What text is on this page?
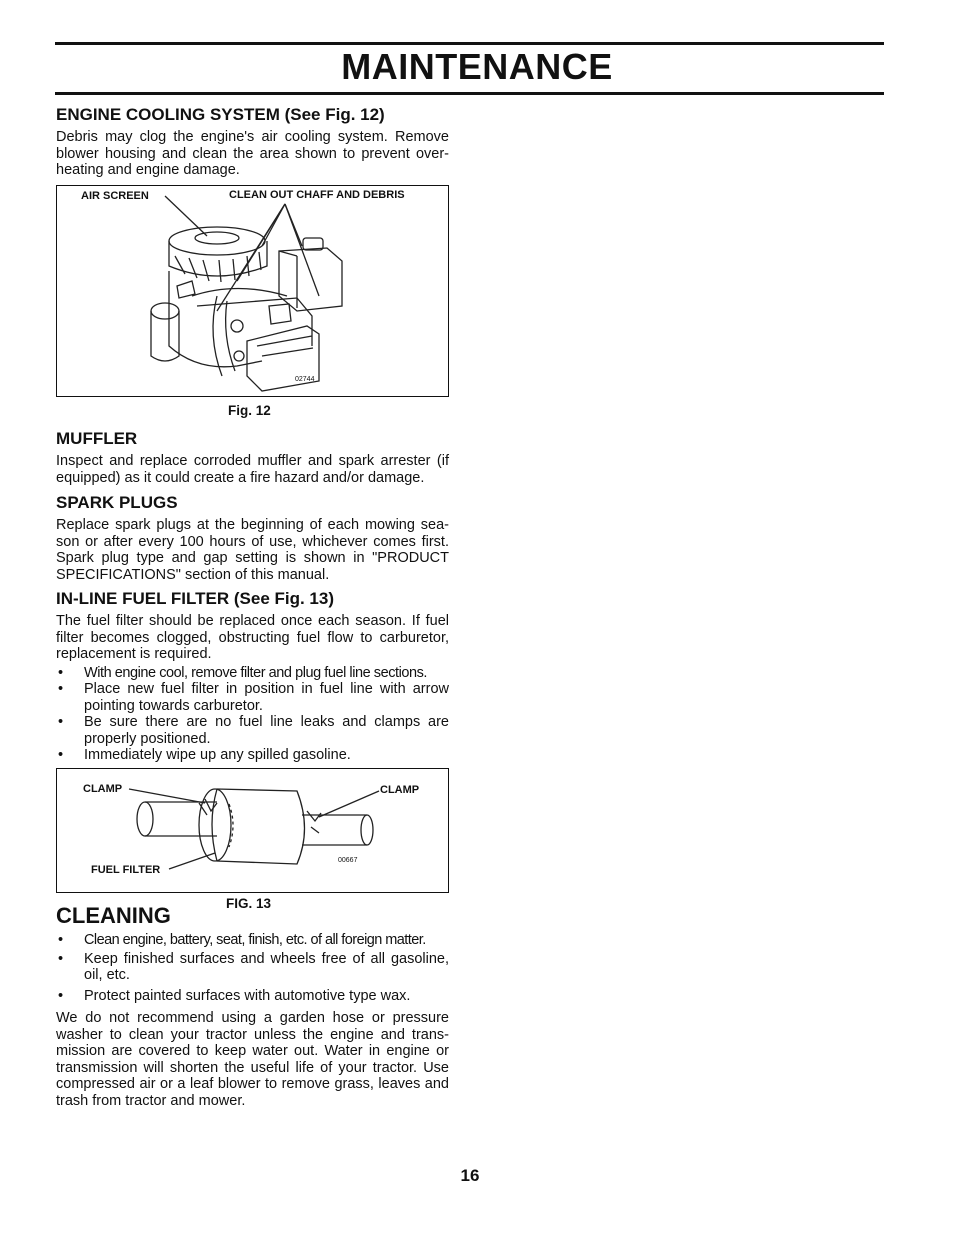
MAINTENANCE
ENGINE COOLING SYSTEM (See Fig. 12)

Debris may clog the engine's air cooling system. Remove blower housing and clean the area shown to prevent over-heating and engine damage.

AIR SCREEN	CLEAN OUT CHAFF AND DEBRIS
02744
Fig. 12
MUFFLER

Inspect and replace corroded muffler and spark arrester (if equipped) as it could create a fire hazard and/or damage.

SPARK PLUGS

Replace spark plugs at the beginning of each mowing sea-son or after every 100 hours of use, whichever comes first. Spark plug type and gap setting is shown in "PRODUCT SPECIFICATIONS" section of this manual.

IN-LINE FUEL FILTER (See Fig. 13)

The fuel filter should be replaced once each season. If fuel filter becomes clogged, obstructing fuel flow to carburetor, replacement is required.

• With engine cool, remove filter and plug fuel line sections.
• Place new fuel filter in position in fuel line with arrow pointing towards carburetor.
• Be sure there are no fuel line leaks and clamps are properly positioned.
• Immediately wipe up any spilled gasoline.
CLAMP	CLAMP
FUEL FILTER
00667
FIG. 13
CLEANING
• Clean engine, battery, seat, finish, etc. of all foreign matter.
• Keep finished surfaces and wheels free of all gasoline, oil, etc.
• Protect painted surfaces with automotive type wax.

We do not recommend using a garden hose or pressure washer to clean your tractor unless the engine and trans-mission are covered to keep water out. Water in engine or transmission will shorten the useful life of your tractor. Use compressed air or a leaf blower to remove grass, leaves and trash from tractor and mower.

16
